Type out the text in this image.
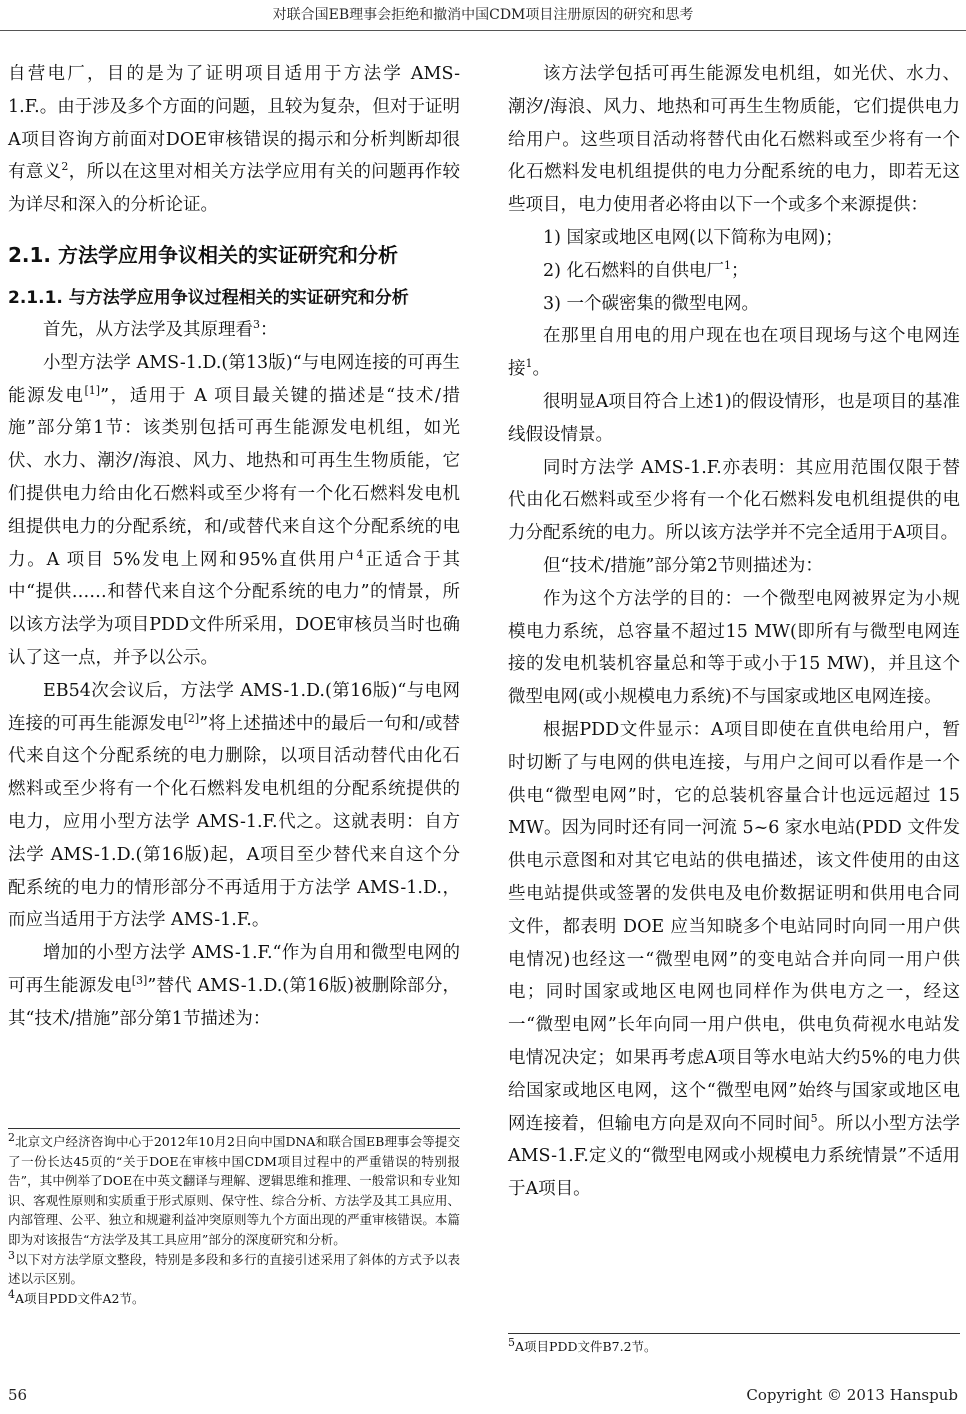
对联合国EB理事会拒绝和撤消中国CDM项目注册原因的研究和思考

自营电厂，目的是为了证明项目适用于方法学 AMS-1.F.。由于涉及多个方面的问题，且较为复杂，但对于证明A项目咨询方前面对DOE审核错误的揭示和分析判断却很有意义$^2$，所以在这里对相关方法学应用有关的问题再作较为详尽和深入的分析论证。

2.1. 方法学应用争议相关的实证研究和分析
2.1.1. 与方法学应用争议过程相关的实证研究和分析

首先，从方法学及其原理看$^3$：

小型方法学 AMS-1.D.(第13版)“与电网连接的可再生能源发电[1]”，适用于 A 项目最关键的描述是“技术/措施”部分第1节：该类别包括可再生能源发电机组，如光伏、水力、潮汐/海浪、风力、地热和可再生生物质能，它们提供电力给由化石燃料或至少将有一个化石燃料发电机组提供电力的分配系统，和/或替代来自这个分配系统的电力。A 项目 5%发电上网和95%直供用户$^4$正适合于其中“提供……和替代来自这个分配系统的电力”的情景，所以该方法学为项目PDD文件所采用，DOE审核员当时也确认了这一点，并予以公示。

EB54次会议后，方法学 AMS-1.D.(第16版)“与电网连接的可再生能源发电[2]”将上述描述中的最后一句和/或替代来自这个分配系统的电力删除，以项目活动替代由化石燃料或至少将有一个化石燃料发电机组的分配系统提供的电力，应用小型方法学 AMS-1.F.代之。这就表明：自方法学 AMS-1.D.(第16版)起，A项目至少替代来自这个分配系统的电力的情形部分不再适用于方法学 AMS-1.D.，而应当适用于方法学 AMS-1.F.。

增加的小型方法学 AMS-1.F.“作为自用和微型电网的可再生能源发电[3]”替代 AMS-1.D.(第16版)被删除部分，其“技术/措施”部分第1节描述为：

$^2$北京文户经济咨询中心于2012年10月2日向中国DNA和联合国EB理事会等提交了一份长达45页的“关于DOE在审核中国CDM项目过程中的严重错误的特别报告”，其中例举了DOE在中英文翻译与理解、逻辑思维和推理、一般常识和专业知识、客观性原则和实质重于形式原则、保守性、综合分析、方法学及其工具应用、内部管理、公平、独立和规避利益冲突原则等九个方面出现的严重审核错误。本篇即为对该报告“方法学及其工具应用”部分的深度研究和分析。

$^3$以下对方法学原文整段，特别是多段和多行的直接引述采用了斜体的方式予以表述以示区别。

$^4$A项目PDD文件A2节。

该方法学包括可再生能源发电机组，如光伏、水力、潮汐/海浪、风力、地热和可再生生物质能，它们提供电力给用户。这些项目活动将替代由化石燃料或至少将有一个化石燃料发电机组提供的电力分配系统的电力，即若无这些项目，电力使用者必将由以下一个或多个来源提供：

1) 国家或地区电网(以下简称为电网)；

2) 化石燃料的自供电厂$^1$；

3) 一个碳密集的微型电网。

在那里自用电的用户现在也在项目现场与这个电网连接$^1$。

很明显A项目符合上述1)的假设情形，也是项目的基准线假设情景。

同时方法学 AMS-1.F.亦表明：其应用范围仅限于替代由化石燃料或至少将有一个化石燃料发电机组提供的电力分配系统的电力。所以该方法学并不完全适用于A项目。

但“技术/措施”部分第2节则描述为：

作为这个方法学的目的：一个微型电网被界定为小规模电力系统，总容量不超过15 MW(即所有与微型电网连接的发电机装机容量总和等于或小于15 MW)，并且这个微型电网(或小规模电力系统)不与国家或地区电网连接。

根据PDD文件显示：A项目即使在直供电给用户，暂时切断了与电网的供电连接，与用户之间可以看作是一个供电“微型电网”时，它的总装机容量合计也远远超过 15 MW。因为同时还有同一河流 5~6 家水电站(PDD 文件发供电示意图和对其它电站的供电描述，该文件使用的由这些电站提供或签署的发供电及电价数据证明和供用电合同文件，都表明 DOE 应当知晓多个电站同时向同一用户供电情况)也经这一“微型电网”的变电站合并向同一用户供电；同时国家或地区电网也同样作为供电方之一，经这一“微型电网”长年向同一用户供电，供电负荷视水电站发电情况决定；如果再考虑A项目等水电站大约5%的电力供给国家或地区电网，这个“微型电网”始终与国家或地区电网连接着，但输电方向是双向不同时间$^5$。所以小型方法学 AMS-1.F.定义的“微型电网或小规模电力系统情景”不适用于A项目。

$^5$A项目PDD文件B7.2节。

56	Copyright © 2013 Hanspub
